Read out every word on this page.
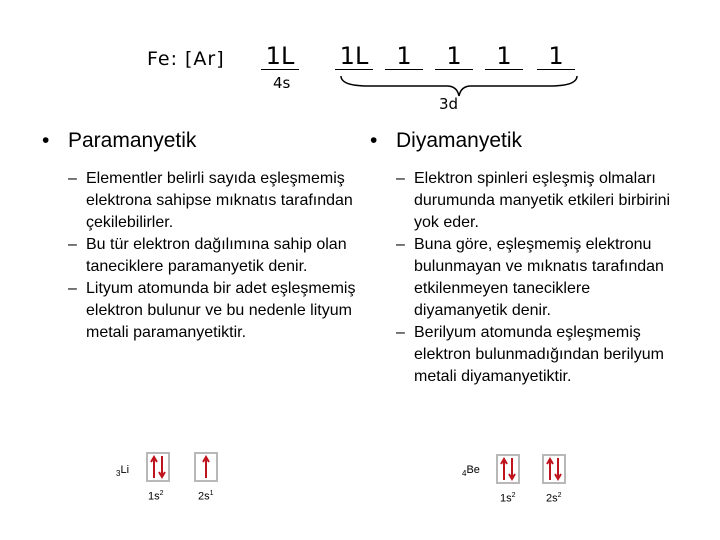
Fe: [Ar] 1L 1L	1	1	1	1
4s
3d
• Paramanyetik
– Elementler belirli sayıda eşleşmemiş elektrona sahipse mıknatıs tarafından çekilebilirler.
– Bu tür elektron dağılımına sahip olan taneciklere paramanyetik denir.
– Lityum atomunda bir adet eşleşmemiş elektron bulunur ve bu nedenle lityum metali paramanyetiktir.
• Diyamanyetik
– Elektron spinleri eşleşmiş olmaları durumunda manyetik etkileri birbirini yok eder.
– Buna göre, eşleşmemiş elektronu bulunmayan ve mıknatıs tarafından etkilenmeyen taneciklere diyamanyetik denir.
– Berilyum atomunda eşleşmemiş elektron bulunmadığından berilyum metali diyamanyetiktir.
$_3$Li
$1s^2$	$2s^1$
$_4$Be
$1s^2$	$2s^2$
